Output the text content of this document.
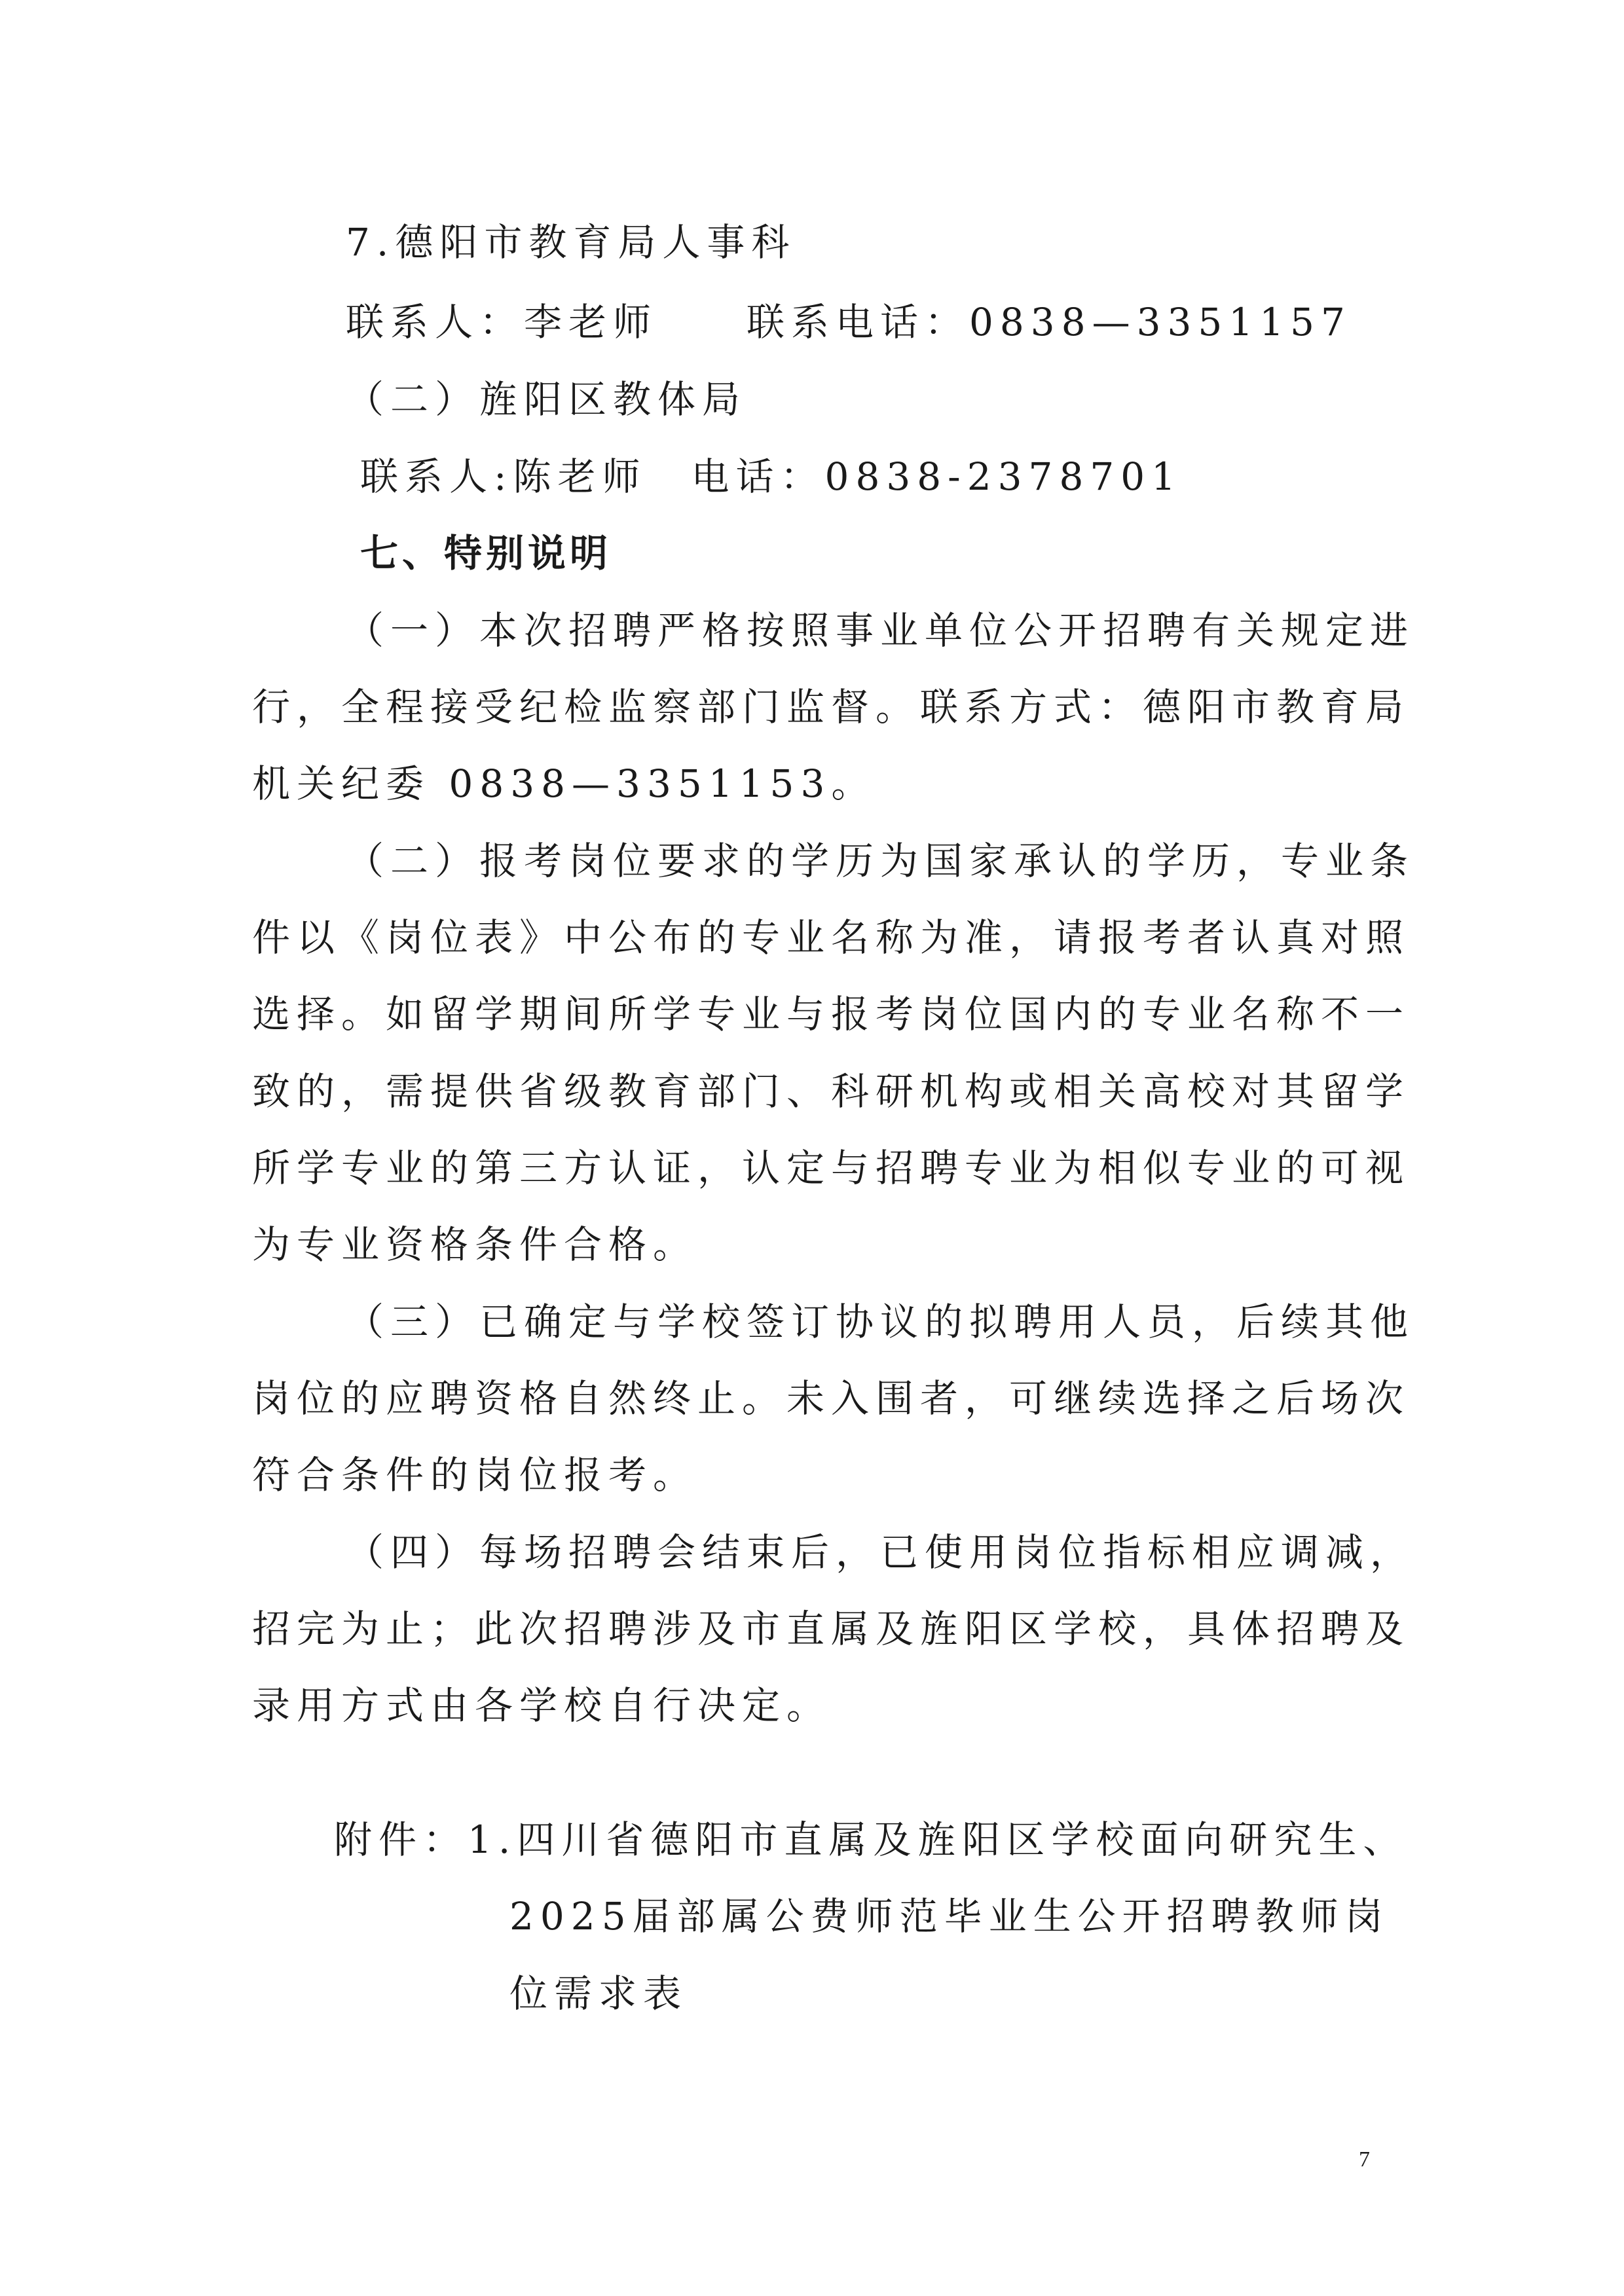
7.德阳市教育局人事科
联系人：李老师　　联系电话：0838—3351157
（二）旌阳区教体局
联系人:陈老师　电话：0838-2378701
七、特别说明
（一）本次招聘严格按照事业单位公开招聘有关规定进
行，全程接受纪检监察部门监督。联系方式：德阳市教育局
机关纪委 0838—3351153。
（二）报考岗位要求的学历为国家承认的学历，专业条
件以《岗位表》中公布的专业名称为准，请报考者认真对照
选择。如留学期间所学专业与报考岗位国内的专业名称不一
致的，需提供省级教育部门、科研机构或相关高校对其留学
所学专业的第三方认证，认定与招聘专业为相似专业的可视
为专业资格条件合格。
（三）已确定与学校签订协议的拟聘用人员，后续其他
岗位的应聘资格自然终止。未入围者，可继续选择之后场次
符合条件的岗位报考。
（四）每场招聘会结束后，已使用岗位指标相应调减，
招完为止；此次招聘涉及市直属及旌阳区学校，具体招聘及
录用方式由各学校自行决定。
附件：1.四川省德阳市直属及旌阳区学校面向研究生、
2025届部属公费师范毕业生公开招聘教师岗
位需求表
7
